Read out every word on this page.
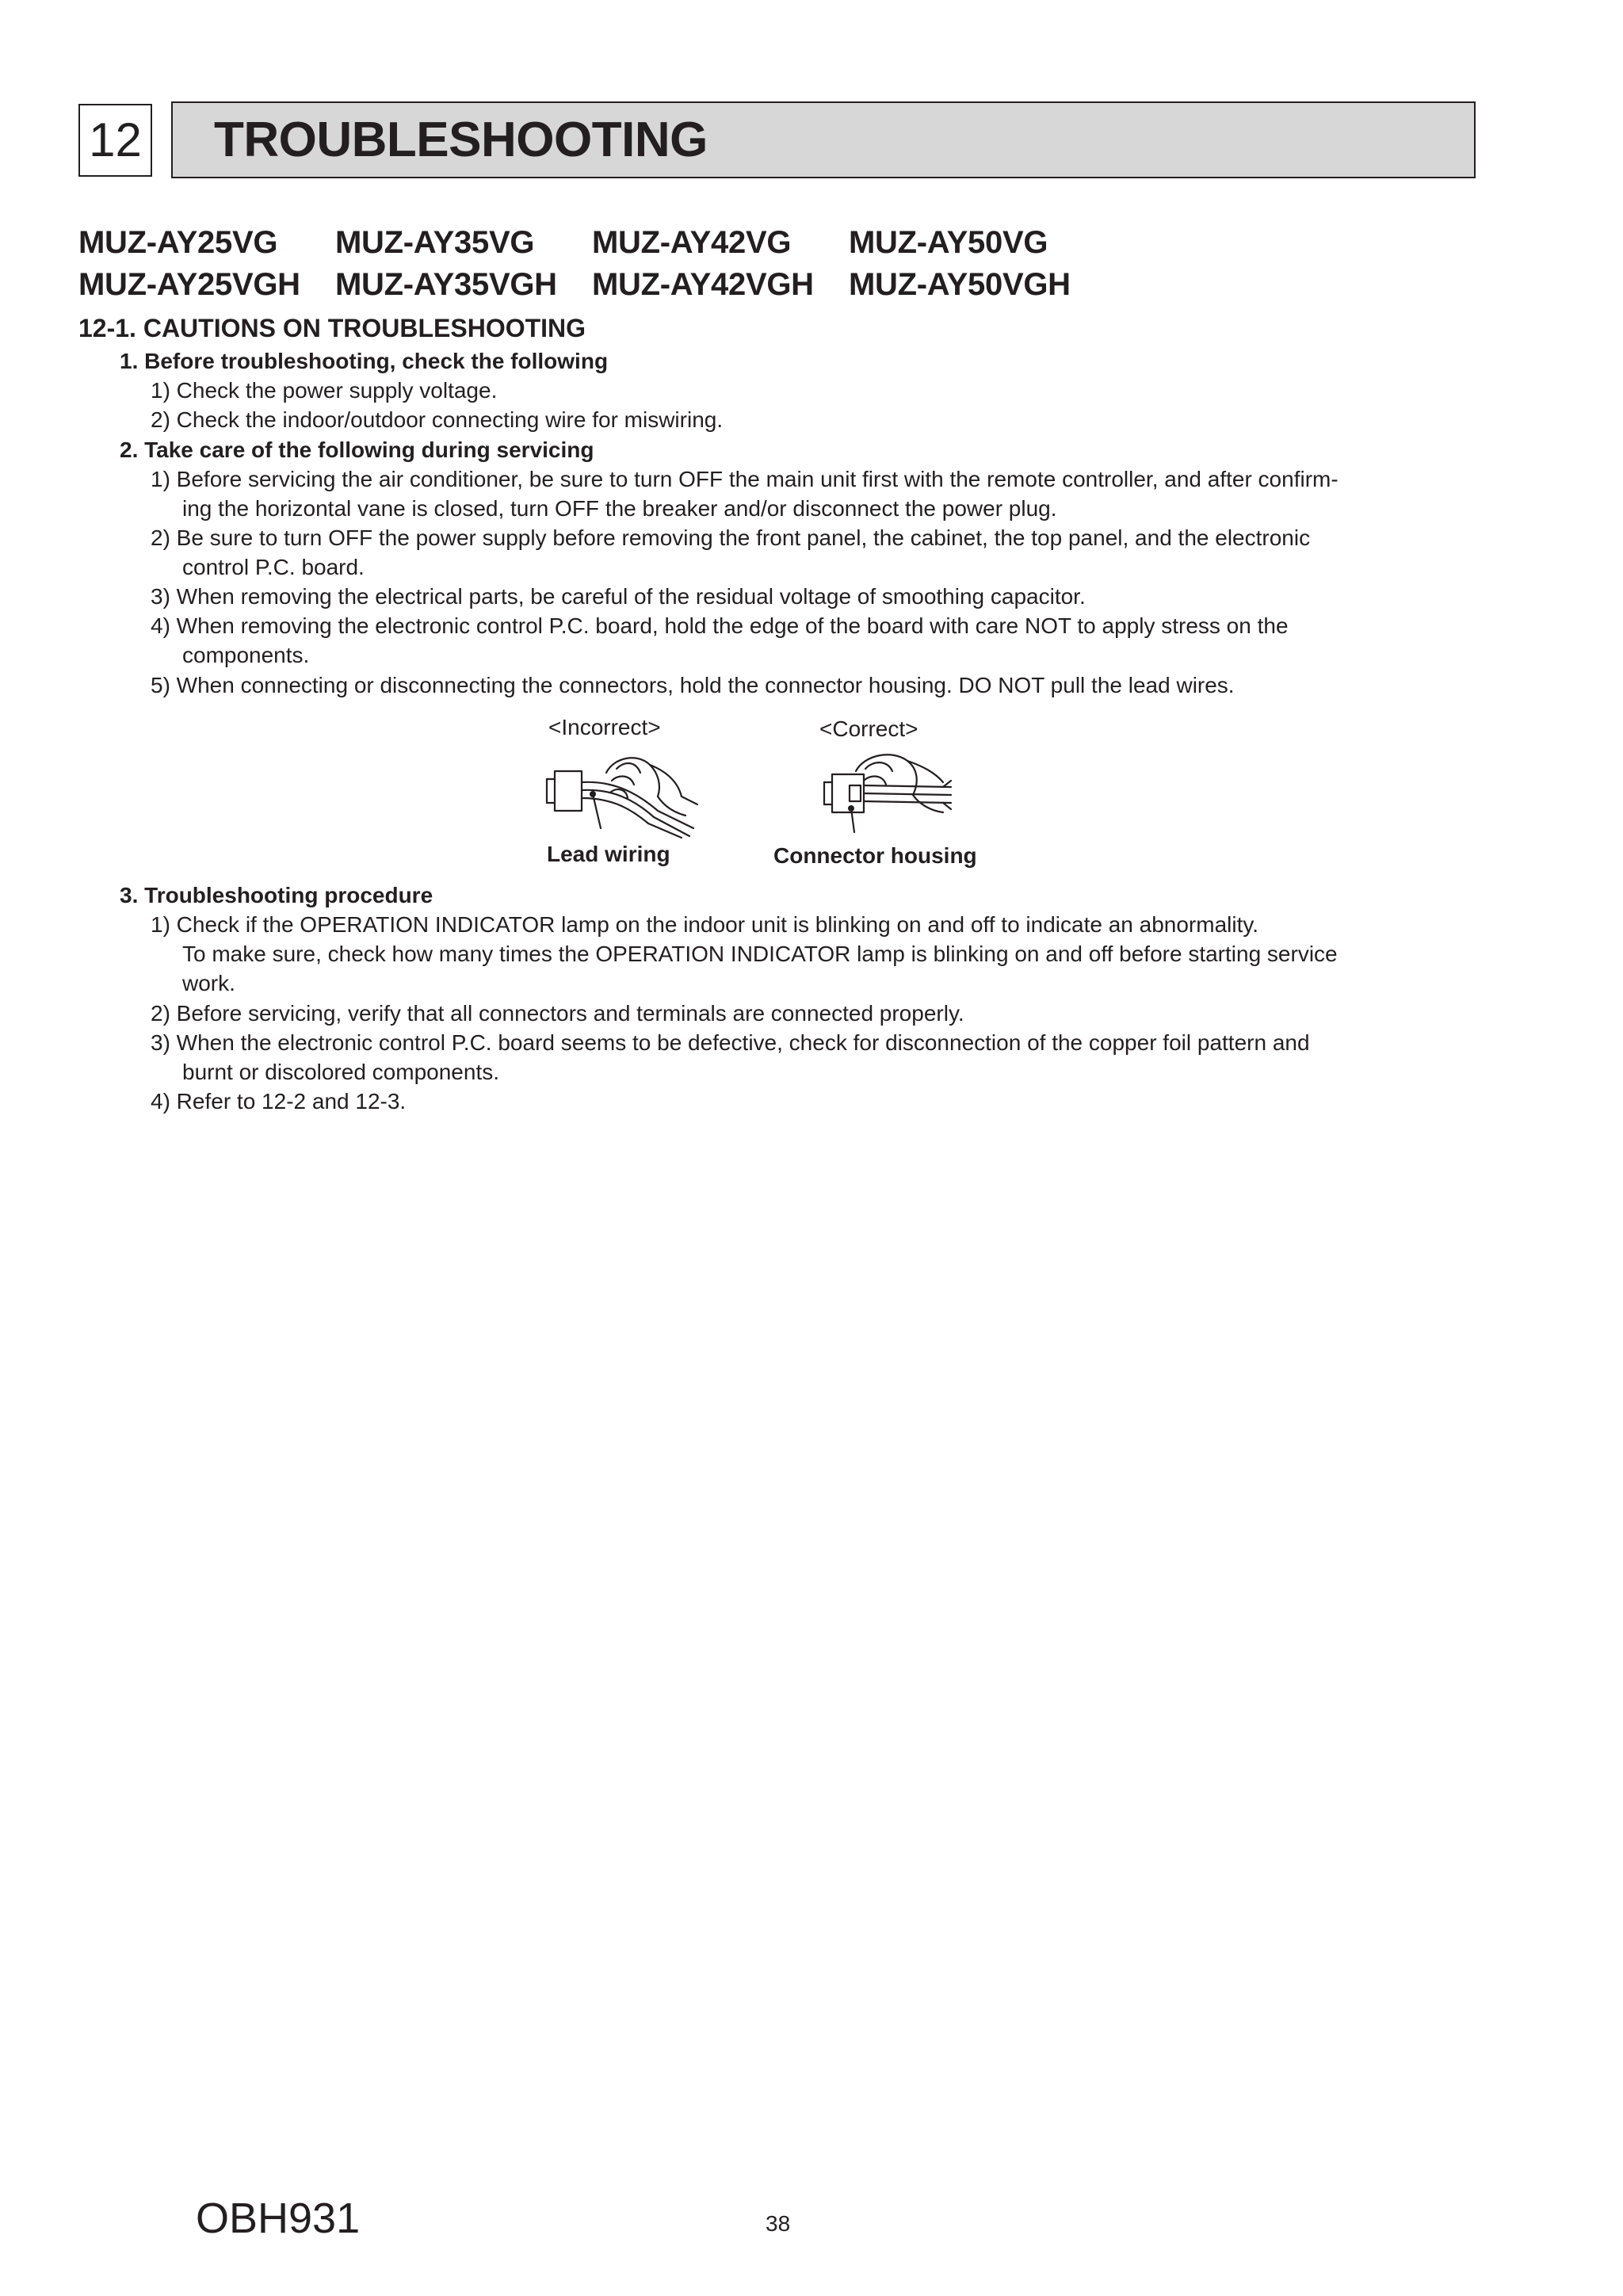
12 TROUBLESHOOTING
MUZ-AY25VG MUZ-AY35VG MUZ-AY42VG MUZ-AY50VG
MUZ-AY25VGH MUZ-AY35VGH MUZ-AY42VGH MUZ-AY50VGH
12-1. CAUTIONS ON TROUBLESHOOTING
1. Before troubleshooting, check the following
1) Check the power supply voltage.
2) Check the indoor/outdoor connecting wire for miswiring.
2. Take care of the following during servicing
1) Before servicing the air conditioner, be sure to turn OFF the main unit first with the remote controller, and after confirm-
ing the horizontal vane is closed, turn OFF the breaker and/or disconnect the power plug.
2) Be sure to turn OFF the power supply before removing the front panel, the cabinet, the top panel, and the electronic
control P.C. board.
3) When removing the electrical parts, be careful of the residual voltage of smoothing capacitor.
4) When removing the electronic control P.C. board, hold the edge of the board with care NOT to apply stress on the
components.
5) When connecting or disconnecting the connectors, hold the connector housing. DO NOT pull the lead wires.
<Incorrect>	<Correct>
Lead wiring	Connector housing
3. Troubleshooting procedure
1) Check if the OPERATION INDICATOR lamp on the indoor unit is blinking on and off to indicate an abnormality.
To make sure, check how many times the OPERATION INDICATOR lamp is blinking on and off before starting service
work.
2) Before servicing, verify that all connectors and terminals are connected properly.
3) When the electronic control P.C. board seems to be defective, check for disconnection of the copper foil pattern and
burnt or discolored components.
4) Refer to 12-2 and 12-3.
OBH931	38
